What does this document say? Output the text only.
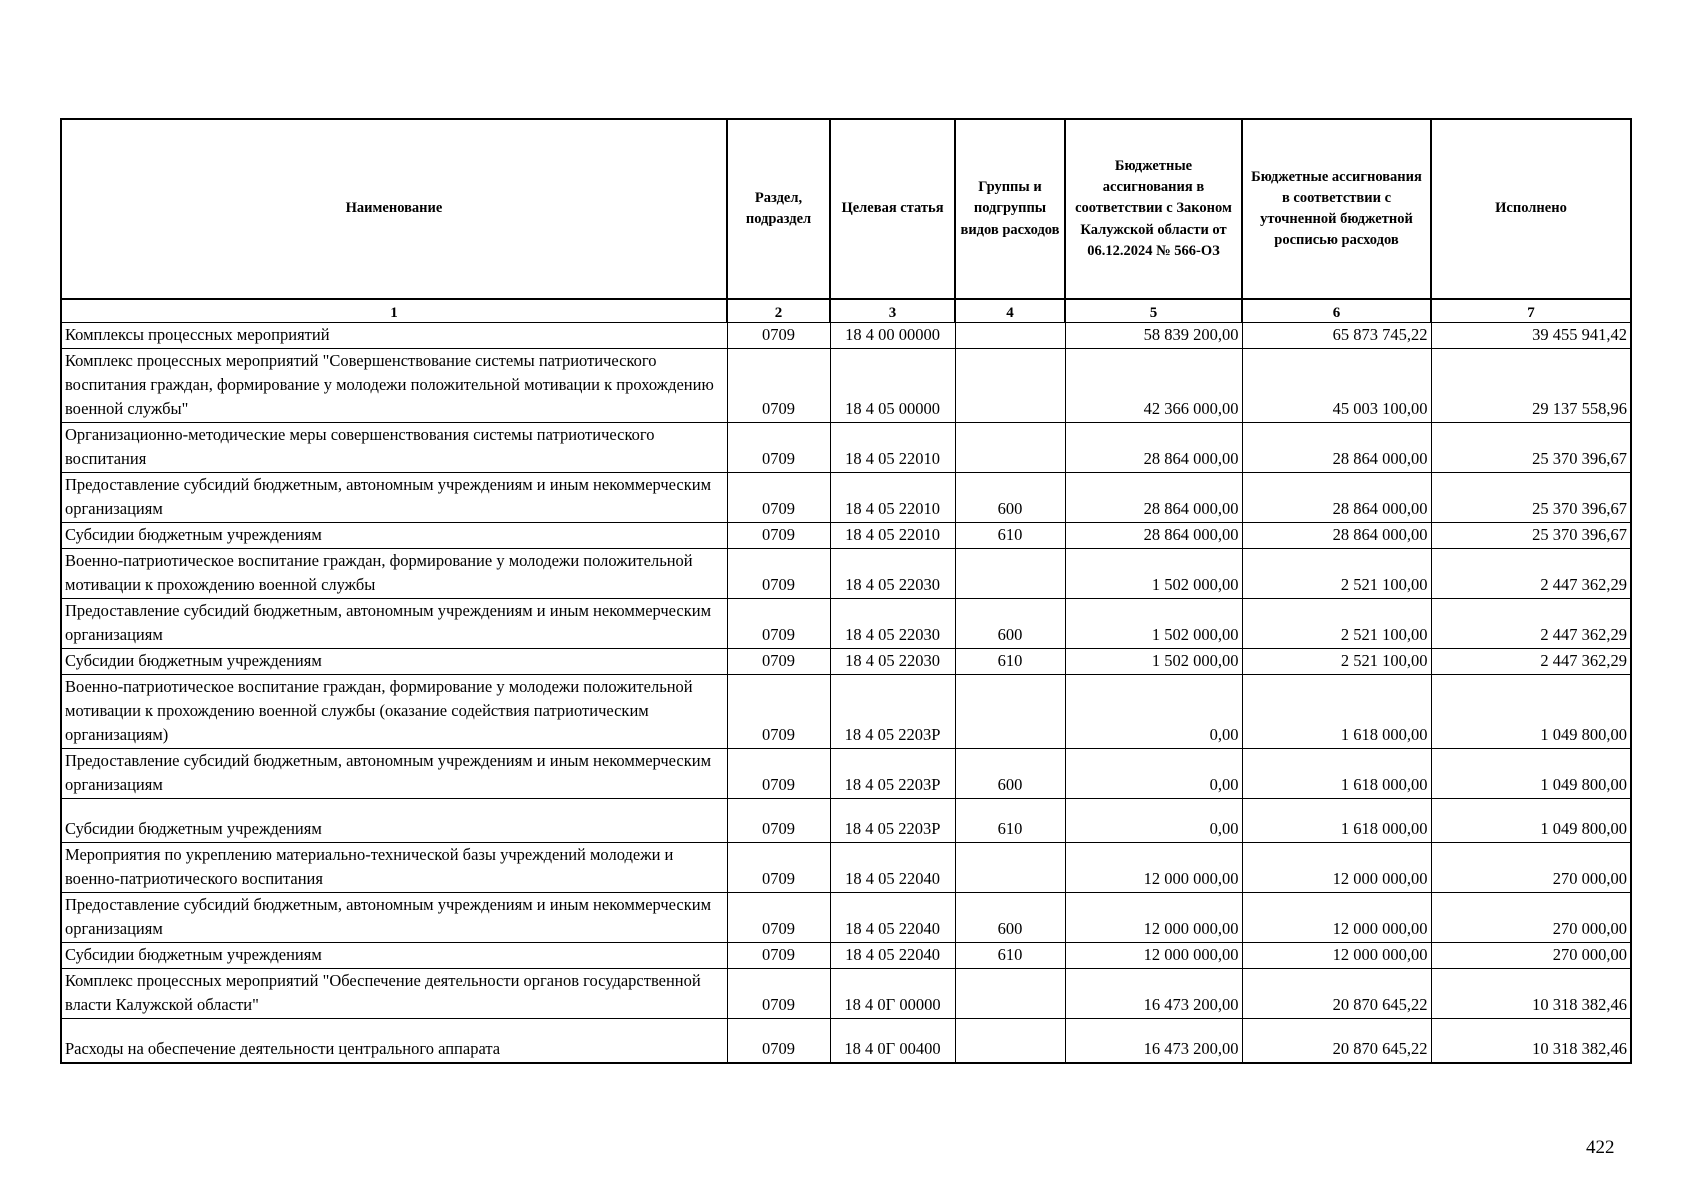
Наименование	Раздел, подраздел	Целевая статья	Группы и подгруппы видов расходов	Бюджетные ассигнования в соответствии с Законом Калужской области от 06.12.2024 № 566-ОЗ	Бюджетные ассигнования в соответствии с уточненной бюджетной росписью расходов	Исполнено
1	2	3	4	5	6	7
Комплексы процессных мероприятий	0709	18 4 00 00000		58 839 200,00	65 873 745,22	39 455 941,42
Комплекс процессных мероприятий "Совершенствование системы патриотического воспитания граждан, формирование у молодежи положительной мотивации к прохождению военной службы"	0709	18 4 05 00000		42 366 000,00	45 003 100,00	29 137 558,96
Организационно-методические меры совершенствования системы патриотического воспитания	0709	18 4 05 22010		28 864 000,00	28 864 000,00	25 370 396,67
Предоставление субсидий бюджетным, автономным учреждениям и иным некоммерческим организациям	0709	18 4 05 22010	600	28 864 000,00	28 864 000,00	25 370 396,67
Субсидии бюджетным учреждениям	0709	18 4 05 22010	610	28 864 000,00	28 864 000,00	25 370 396,67
Военно-патриотическое воспитание граждан, формирование у молодежи положительной мотивации к прохождению военной службы	0709	18 4 05 22030		1 502 000,00	2 521 100,00	2 447 362,29
Предоставление субсидий бюджетным, автономным учреждениям и иным некоммерческим организациям	0709	18 4 05 22030	600	1 502 000,00	2 521 100,00	2 447 362,29
Субсидии бюджетным учреждениям	0709	18 4 05 22030	610	1 502 000,00	2 521 100,00	2 447 362,29
Военно-патриотическое воспитание граждан, формирование у молодежи положительной мотивации к прохождению военной службы (оказание содействия патриотическим организациям)	0709	18 4 05 2203Р		0,00	1 618 000,00	1 049 800,00
Предоставление субсидий бюджетным, автономным учреждениям и иным некоммерческим организациям	0709	18 4 05 2203Р	600	0,00	1 618 000,00	1 049 800,00
Субсидии бюджетным учреждениям	0709	18 4 05 2203Р	610	0,00	1 618 000,00	1 049 800,00
Мероприятия по укреплению материально-технической базы учреждений молодежи и военно-патриотического воспитания	0709	18 4 05 22040		12 000 000,00	12 000 000,00	270 000,00
Предоставление субсидий бюджетным, автономным учреждениям и иным некоммерческим организациям	0709	18 4 05 22040	600	12 000 000,00	12 000 000,00	270 000,00
Субсидии бюджетным учреждениям	0709	18 4 05 22040	610	12 000 000,00	12 000 000,00	270 000,00
Комплекс процессных мероприятий "Обеспечение деятельности органов государственной власти Калужской области"	0709	18 4 0Г 00000		16 473 200,00	20 870 645,22	10 318 382,46
Расходы на обеспечение деятельности центрального аппарата	0709	18 4 0Г 00400		16 473 200,00	20 870 645,22	10 318 382,46
422
